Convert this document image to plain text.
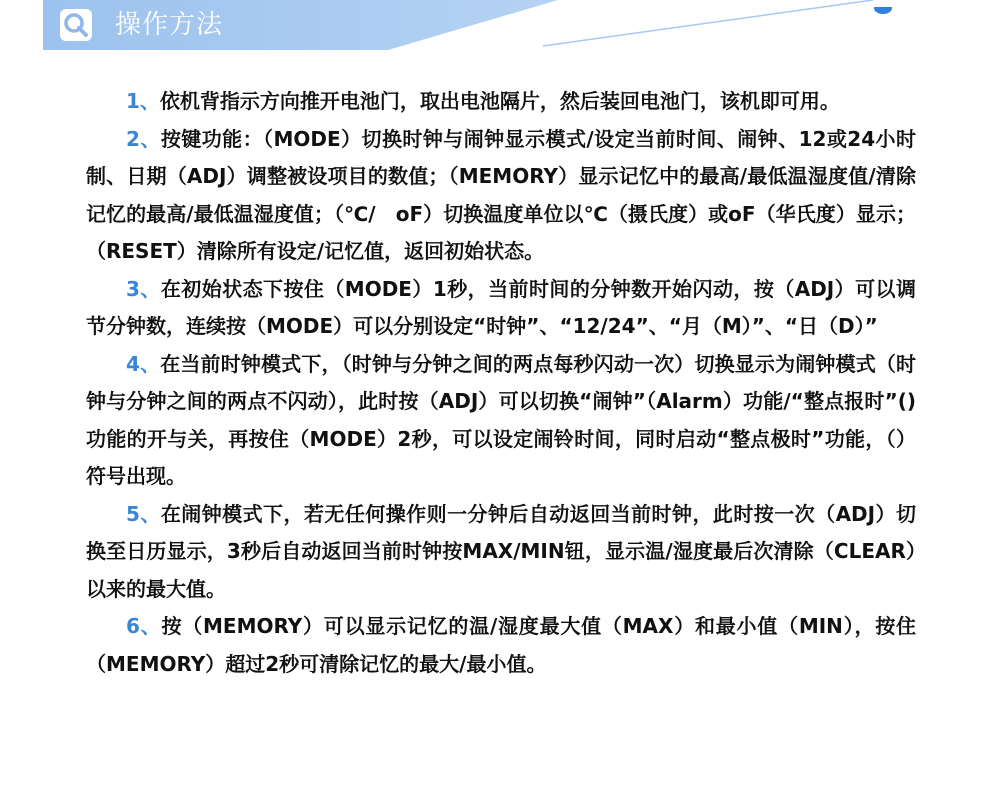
操作方法

1、依机背指示方向推开电池门，取出电池隔片，然后装回电池门，该机即可用。

2、按键功能：（MODE）切换时钟与闹钟显示模式/设定当前时间、闹钟、12或24小时制、日期（ADJ）调整被设项目的数值；（MEMORY）显示记忆中的最高/最低温湿度值/清除记忆的最高/最低温湿度值；（℃/　oF）切换温度单位以℃（摄氏度）或oF（华氏度）显示；（RESET）清除所有设定/记忆值，返回初始状态。

3、在初始状态下按住（MODE）1秒，当前时间的分钟数开始闪动，按（ADJ）可以调节分钟数，连续按（MODE）可以分别设定“时钟”、“12/24”、“月（M）”、“日（D）”

4、在当前时钟模式下，（时钟与分钟之间的两点每秒闪动一次）切换显示为闹钟模式（时钟与分钟之间的两点不闪动），此时按（ADJ）可以切换“闹钟”（Alarm）功能/“整点报时”()功能的开与关，再按住（MODE）2秒，可以设定闹铃时间，同时启动“整点极时”功能，（）符号出现。

5、在闹钟模式下，若无任何操作则一分钟后自动返回当前时钟，此时按一次（ADJ）切换至日历显示，3秒后自动返回当前时钟按MAX/MIN钮，显示温/湿度最后次清除（CLEAR）以来的最大值。

6、按（MEMORY）可以显示记忆的温/湿度最大值（MAX）和最小值（MIN），按住（MEMORY）超过2秒可清除记忆的最大/最小值。
